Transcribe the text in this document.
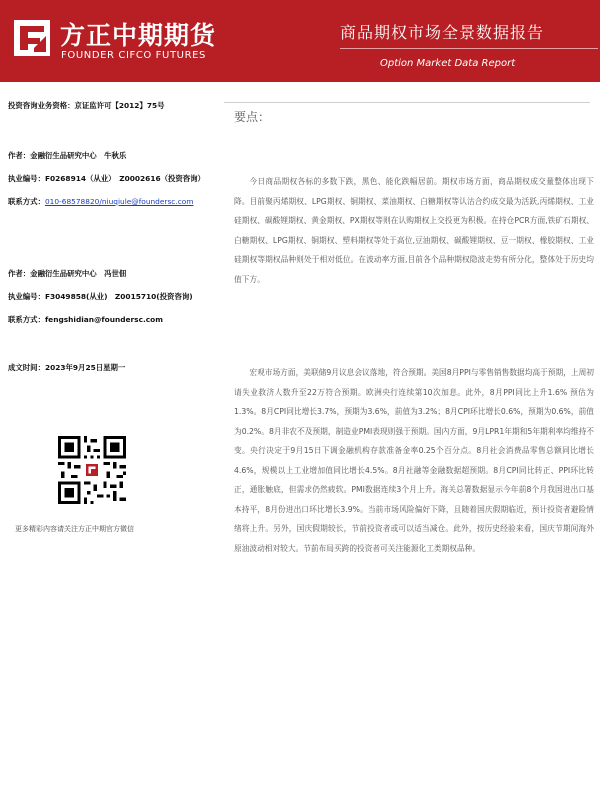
方正中期期货
FOUNDER CIFCO FUTURES
商品期权市场全景数据报告
Option Market Data Report
投资咨询业务资格：京证监许可【2012】75号
作者：金融衍生品研究中心　牛秋乐
执业编号：F0268914（从业）　Z0002616（投资咨询）
联系方式：010-68578820/niuqiule@foundersc.com
作者：金融衍生品研究中心　冯世佃
执业编号：F3049858(从业)　Z0015710(投资咨询)
联系方式：fengshidian@foundersc.com
成文时间：2023年9月25日星期一
更多精彩内容请关注方正中期官方微信
要点：
今日商品期权各标的多数下跌，黑色、能化跌幅居前。期权市场方面，商品期权成交量整体出现下降。目前聚丙烯期权、LPG期权、铜期权、菜油期权、白糖期权等认沽合约成交最为活跃,丙烯期权、工业硅期权、碳酸锂期权、黄金期权、PX期权等则在认购期权上交投更为积极。在持仓PCR方面,铁矿石期权、白糖期权、LPG期权、铜期权、塑料期权等处于高位,豆油期权、碳酸锂期权、豆一期权、橡胶期权、工业硅期权等期权品种则处于相对低位。在波动率方面,目前各个品种期权隐波走势有所分化，整体处于历史均值下方。
宏观市场方面，美联储9月议息会议落地，符合预期。美国8月PPI与零售销售数据均高于预期，上周初请失业救济人数升至22万符合预期。欧洲央行连续第10次加息。此外，8月PPI同比上升1.6% 预估为1.3%。8月CPI同比增长3.7%，预期为3.6%，前值为3.2%；8月CPI环比增长0.6%，预期为0.6%，前值为0.2%。8月非农不及预期，制造业PMI表现则强于预期。国内方面，9月LPR1年期和5年期利率均维持不变。央行决定于9月15日下调金融机构存款准备金率0.25个百分点。8月社会消费品零售总额同比增长4.6%，规模以上工业增加值同比增长4.5%。8月社融等金融数据超预期。8月CPI同比转正、PPI环比转正，通胀触底，但需求仍然疲软。PMI数据连续3个月上升。海关总署数据显示今年前8个月我国进出口基本持平，8月份进出口环比增长3.9%。当前市场风险偏好下降，且随着国庆假期临近，预计投资者避险情绪将上升。另外，国庆假期较长，节前投资者或可以适当减仓。此外，按历史经验来看，国庆节期间海外原油波动相对较大。节前布局买跨的投资者可关注能源化工类期权品种。
